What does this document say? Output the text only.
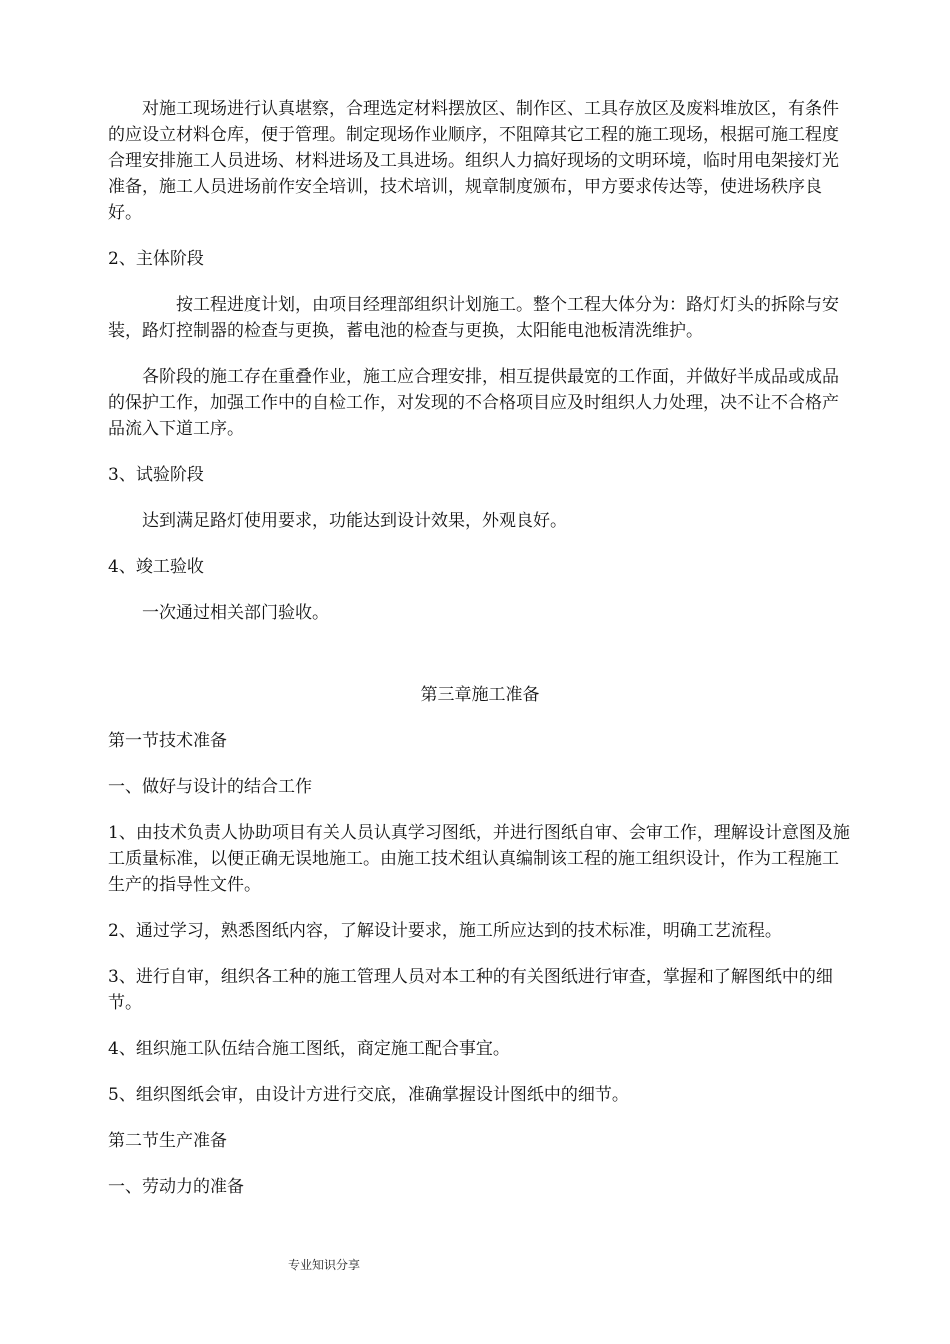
对施工现场进行认真堪察，合理选定材料摆放区、制作区、工具存放区及废料堆放区，有条件的应设立材料仓库，便于管理。制定现场作业顺序，不阻障其它工程的施工现场，根据可施工程度合理安排施工人员进场、材料进场及工具进场。组织人力搞好现场的文明环境，临时用电架接灯光准备，施工人员进场前作安全培训，技术培训，规章制度颁布，甲方要求传达等，使进场秩序良好。

2、主体阶段

按工程进度计划，由项目经理部组织计划施工。整个工程大体分为：路灯灯头的拆除与安装，路灯控制器的检查与更换，蓄电池的检查与更换，太阳能电池板清洗维护。

各阶段的施工存在重叠作业，施工应合理安排，相互提供最宽的工作面，并做好半成品或成品的保护工作，加强工作中的自检工作，对发现的不合格项目应及时组织人力处理，决不让不合格产品流入下道工序。

3、试验阶段

达到满足路灯使用要求，功能达到设计效果，外观良好。

4、竣工验收

一次通过相关部门验收。

第三章施工准备

第一节技术准备

一、做好与设计的结合工作

1、由技术负责人协助项目有关人员认真学习图纸，并进行图纸自审、会审工作，理解设计意图及施工质量标准，以便正确无误地施工。由施工技术组认真编制该工程的施工组织设计，作为工程施工生产的指导性文件。

2、通过学习，熟悉图纸内容，了解设计要求，施工所应达到的技术标准，明确工艺流程。

3、进行自审，组织各工种的施工管理人员对本工种的有关图纸进行审查，掌握和了解图纸中的细节。

4、组织施工队伍结合施工图纸，商定施工配合事宜。

5、组织图纸会审，由设计方进行交底，准确掌握设计图纸中的细节。

第二节生产准备

一、劳动力的准备

专业知识分享
